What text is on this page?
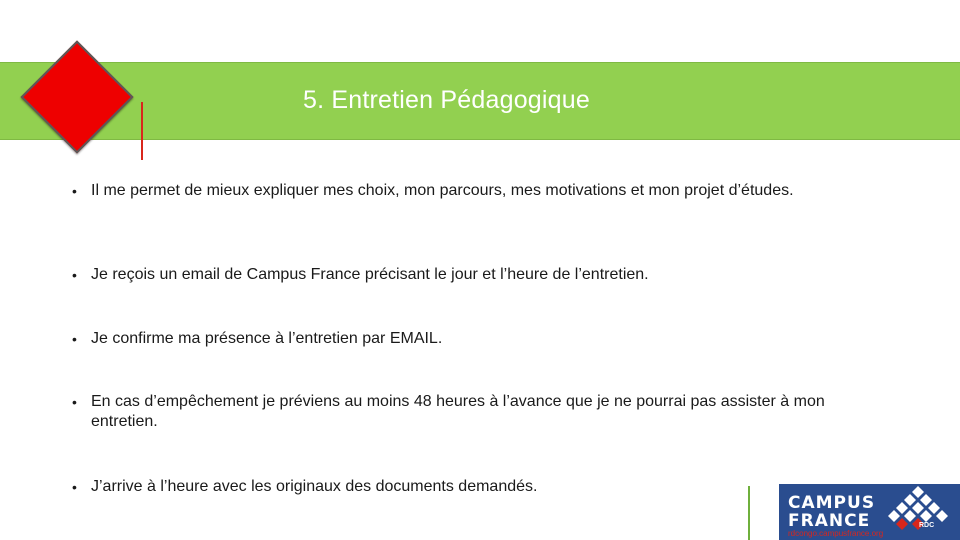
5. Entretien Pédagogique
• Il me permet de mieux expliquer mes choix, mon parcours, mes motivations et mon projet d’études.
• Je reçois un email de Campus France précisant le jour et l’heure de l’entretien.
• Je confirme ma présence à l’entretien par EMAIL.
• En cas d’empêchement je préviens au moins 48 heures à l’avance que je ne pourrai pas assister à mon entretien.
• J’arrive à l’heure avec les originaux des documents demandés.
CAMPUS
FRANCE
rdcongo.campusfrance.org
RDC
